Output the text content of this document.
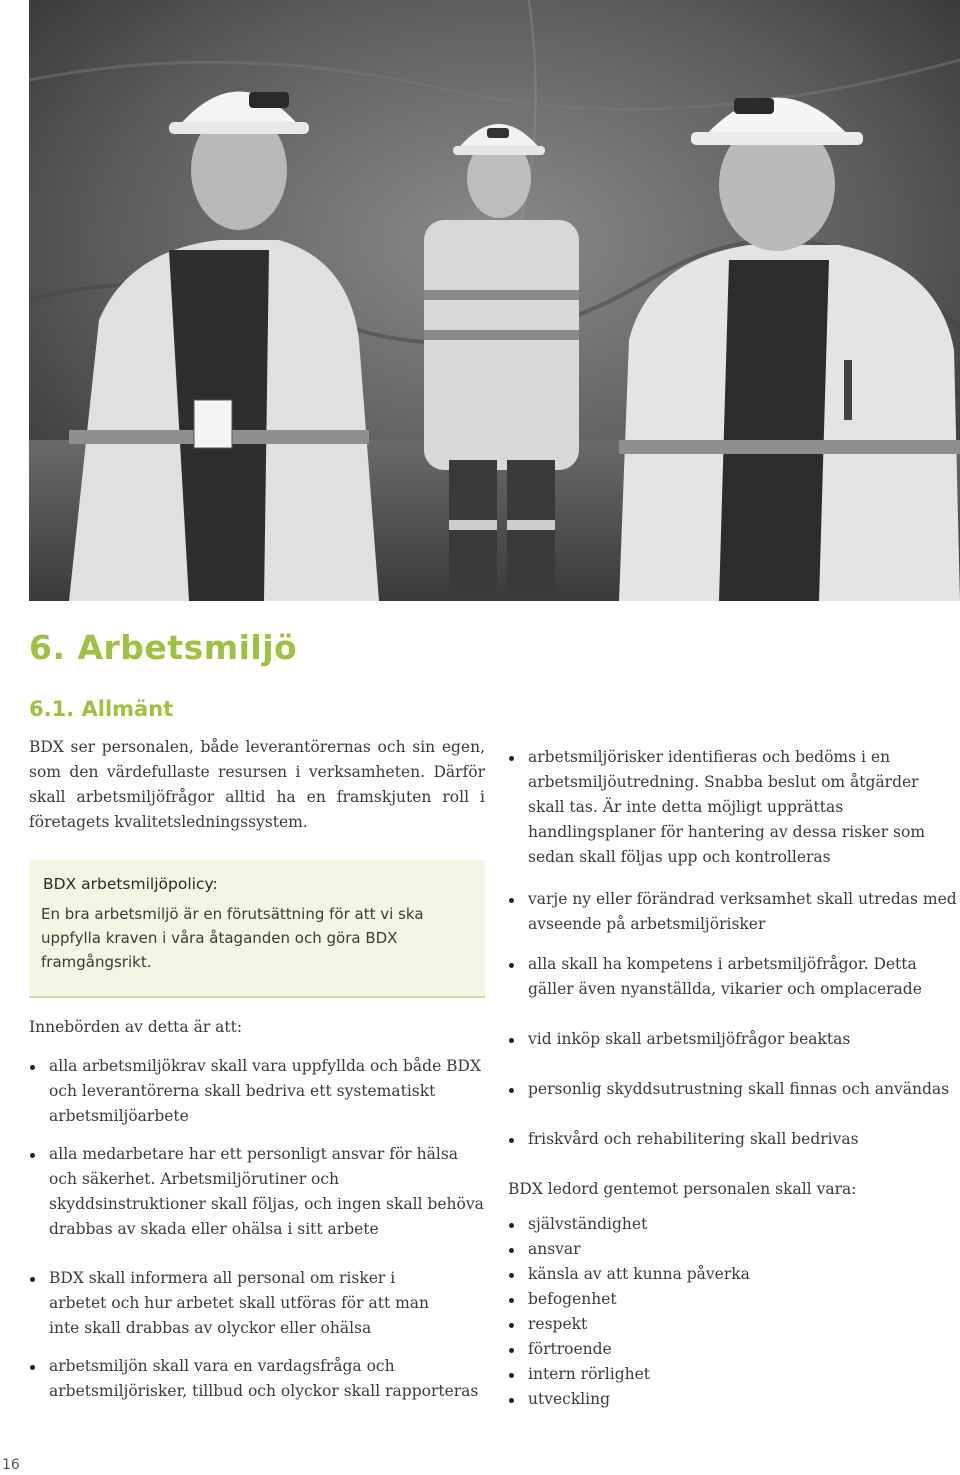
6. Arbetsmiljö
6.1. Allmänt

BDX ser personalen, både leverantörernas och sin egen, som den värdefullaste resursen i verksamheten. Därför skall arbetsmiljöfrågor alltid ha en framskjuten roll i företagets kvalitetsledningssystem.

BDX arbetsmiljöpolicy:

En bra arbetsmiljö är en förutsättning för att vi ska uppfylla kraven i våra åtaganden och göra BDX framgångsrikt.

Innebörden av detta är att:

alla arbetsmiljökrav skall vara uppfyllda och både BDX och leverantörerna skall bedriva ett systematiskt arbetsmiljöarbete
alla medarbetare har ett personligt ansvar för hälsa och säkerhet. Arbetsmiljörutiner och skyddsinstruktioner skall följas, och ingen skall behöva drabbas av skada eller ohälsa i sitt arbete
BDX skall informera all personal om risker i arbetet och hur arbetet skall utföras för att man inte skall drabbas av olyckor eller ohälsa
arbetsmiljön skall vara en vardagsfråga och arbetsmiljörisker, tillbud och olyckor skall rapporteras
arbetsmiljörisker identifieras och bedöms i en arbetsmiljöutredning. Snabba beslut om åtgärder skall tas. Är inte detta möjligt upprättas handlingsplaner för hantering av dessa risker som sedan skall följas upp och kontrolleras
varje ny eller förändrad verksamhet skall utredas med avseende på arbetsmiljörisker
alla skall ha kompetens i arbetsmiljöfrågor. Detta gäller även nyanställda, vikarier och omplacerade
vid inköp skall arbetsmiljöfrågor beaktas
personlig skyddsutrustning skall finnas och användas
friskvård och rehabilitering skall bedrivas

BDX ledord gentemot personalen skall vara:

självständighet
ansvar
känsla av att kunna påverka
befogenhet
respekt
förtroende
intern rörlighet
utveckling
16
